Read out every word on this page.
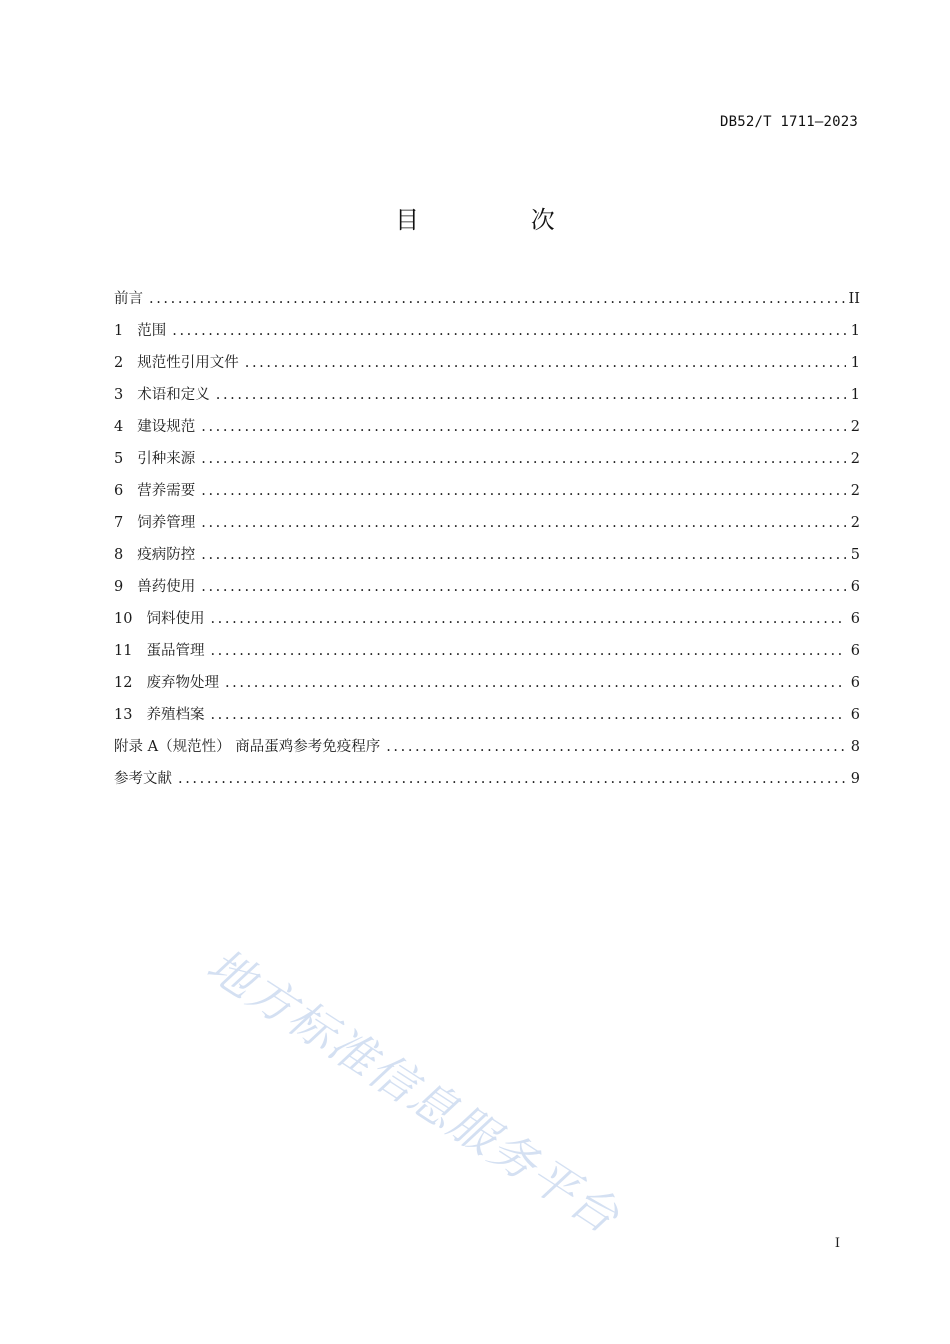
DB52/T 1711—2023
目 次
前言 .....	II
1 范围 .....	1
2 规范性引用文件 .....	1
3 术语和定义 .....	1
4 建设规范 .....	2
5 引种来源 .....	2
6 营养需要 .....	2
7 饲养管理 .....	2
8 疫病防控 .....	5
9 兽药使用 .....	6
10 饲料使用 .....	6
11 蛋品管理 .....	6
12 废弃物处理 .....	6
13 养殖档案 .....	6
附录 A（规范性） 商品蛋鸡参考免疫程序 .....	8
参考文献 .....	9
地方标准信息服务平台	I
